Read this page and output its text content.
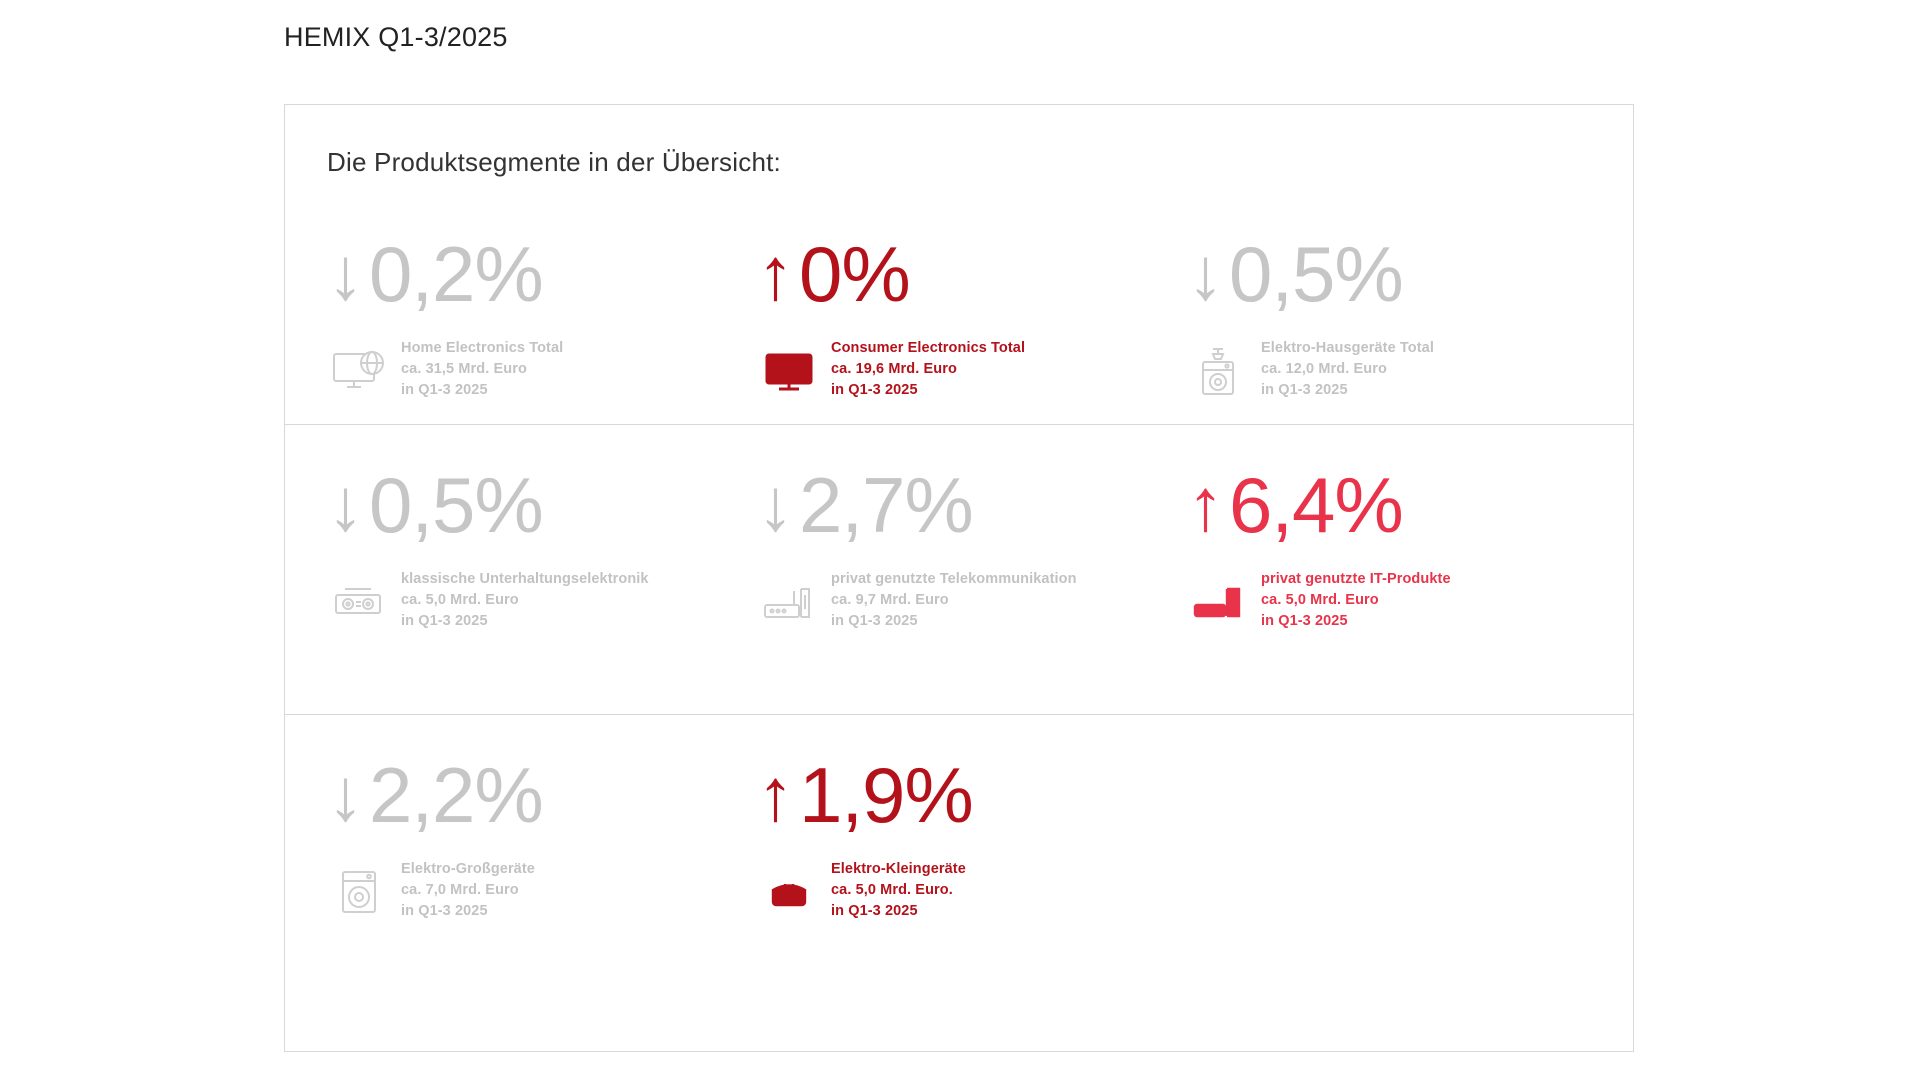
HEMIX Q1-3/2025
Die Produktsegmente in der Übersicht:
↓ 0,2%
Home Electronics Total
ca. 31,5 Mrd. Euro
in Q1-3 2025
↑ 0%
Consumer Electronics Total
ca. 19,6 Mrd. Euro
in Q1-3 2025
↓ 0,5%
Elektro-Hausgeräte Total
ca. 12,0 Mrd. Euro
in Q1-3 2025
↓ 0,5%
klassische Unterhaltungselektronik
ca. 5,0 Mrd. Euro
in Q1-3 2025
↓ 2,7%
privat genutzte Telekommunikation
ca. 9,7 Mrd. Euro
in Q1-3 2025
↑ 6,4%
privat genutzte IT-Produkte
ca. 5,0 Mrd. Euro
in Q1-3 2025
↓ 2,2%
Elektro-Großgeräte
ca. 7,0 Mrd. Euro
in Q1-3 2025
↑ 1,9%
Elektro-Kleingeräte
ca. 5,0 Mrd. Euro.
in Q1-3 2025
